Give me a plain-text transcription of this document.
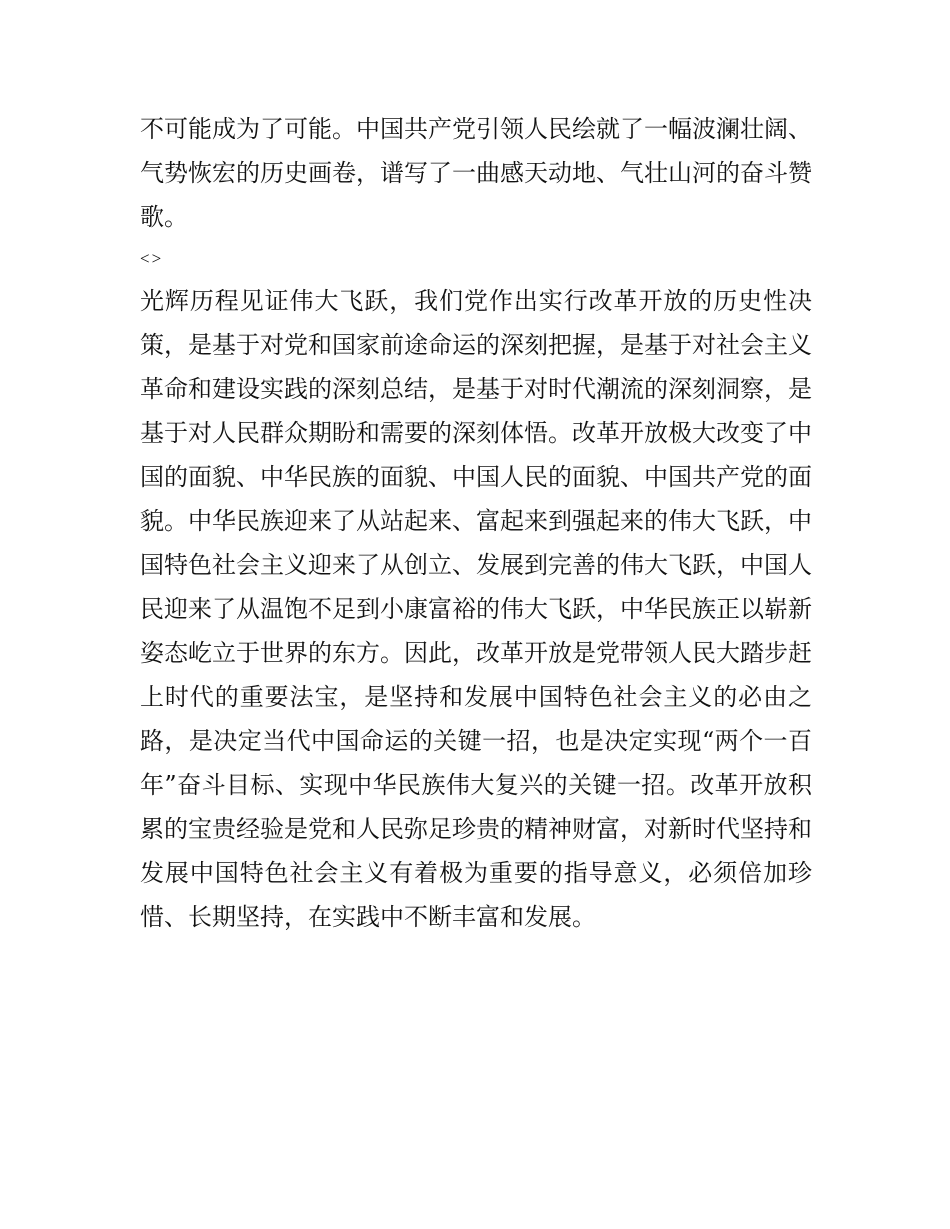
不可能成为了可能。中国共产党引领人民绘就了一幅波澜壮阔、气势恢宏的历史画卷，谱写了一曲感天动地、气壮山河的奋斗赞歌。

<>

光辉历程见证伟大飞跃，我们党作出实行改革开放的历史性决策，是基于对党和国家前途命运的深刻把握，是基于对社会主义革命和建设实践的深刻总结，是基于对时代潮流的深刻洞察，是基于对人民群众期盼和需要的深刻体悟。改革开放极大改变了中国的面貌、中华民族的面貌、中国人民的面貌、中国共产党的面貌。中华民族迎来了从站起来、富起来到强起来的伟大飞跃，中国特色社会主义迎来了从创立、发展到完善的伟大飞跃，中国人民迎来了从温饱不足到小康富裕的伟大飞跃，中华民族正以崭新姿态屹立于世界的东方。因此，改革开放是党带领人民大踏步赶上时代的重要法宝，是坚持和发展中国特色社会主义的必由之路，是决定当代中国命运的关键一招，也是决定实现“两个一百年”奋斗目标、实现中华民族伟大复兴的关键一招。改革开放积累的宝贵经验是党和人民弥足珍贵的精神财富，对新时代坚持和发展中国特色社会主义有着极为重要的指导意义，必须倍加珍惜、长期坚持，在实践中不断丰富和发展。
